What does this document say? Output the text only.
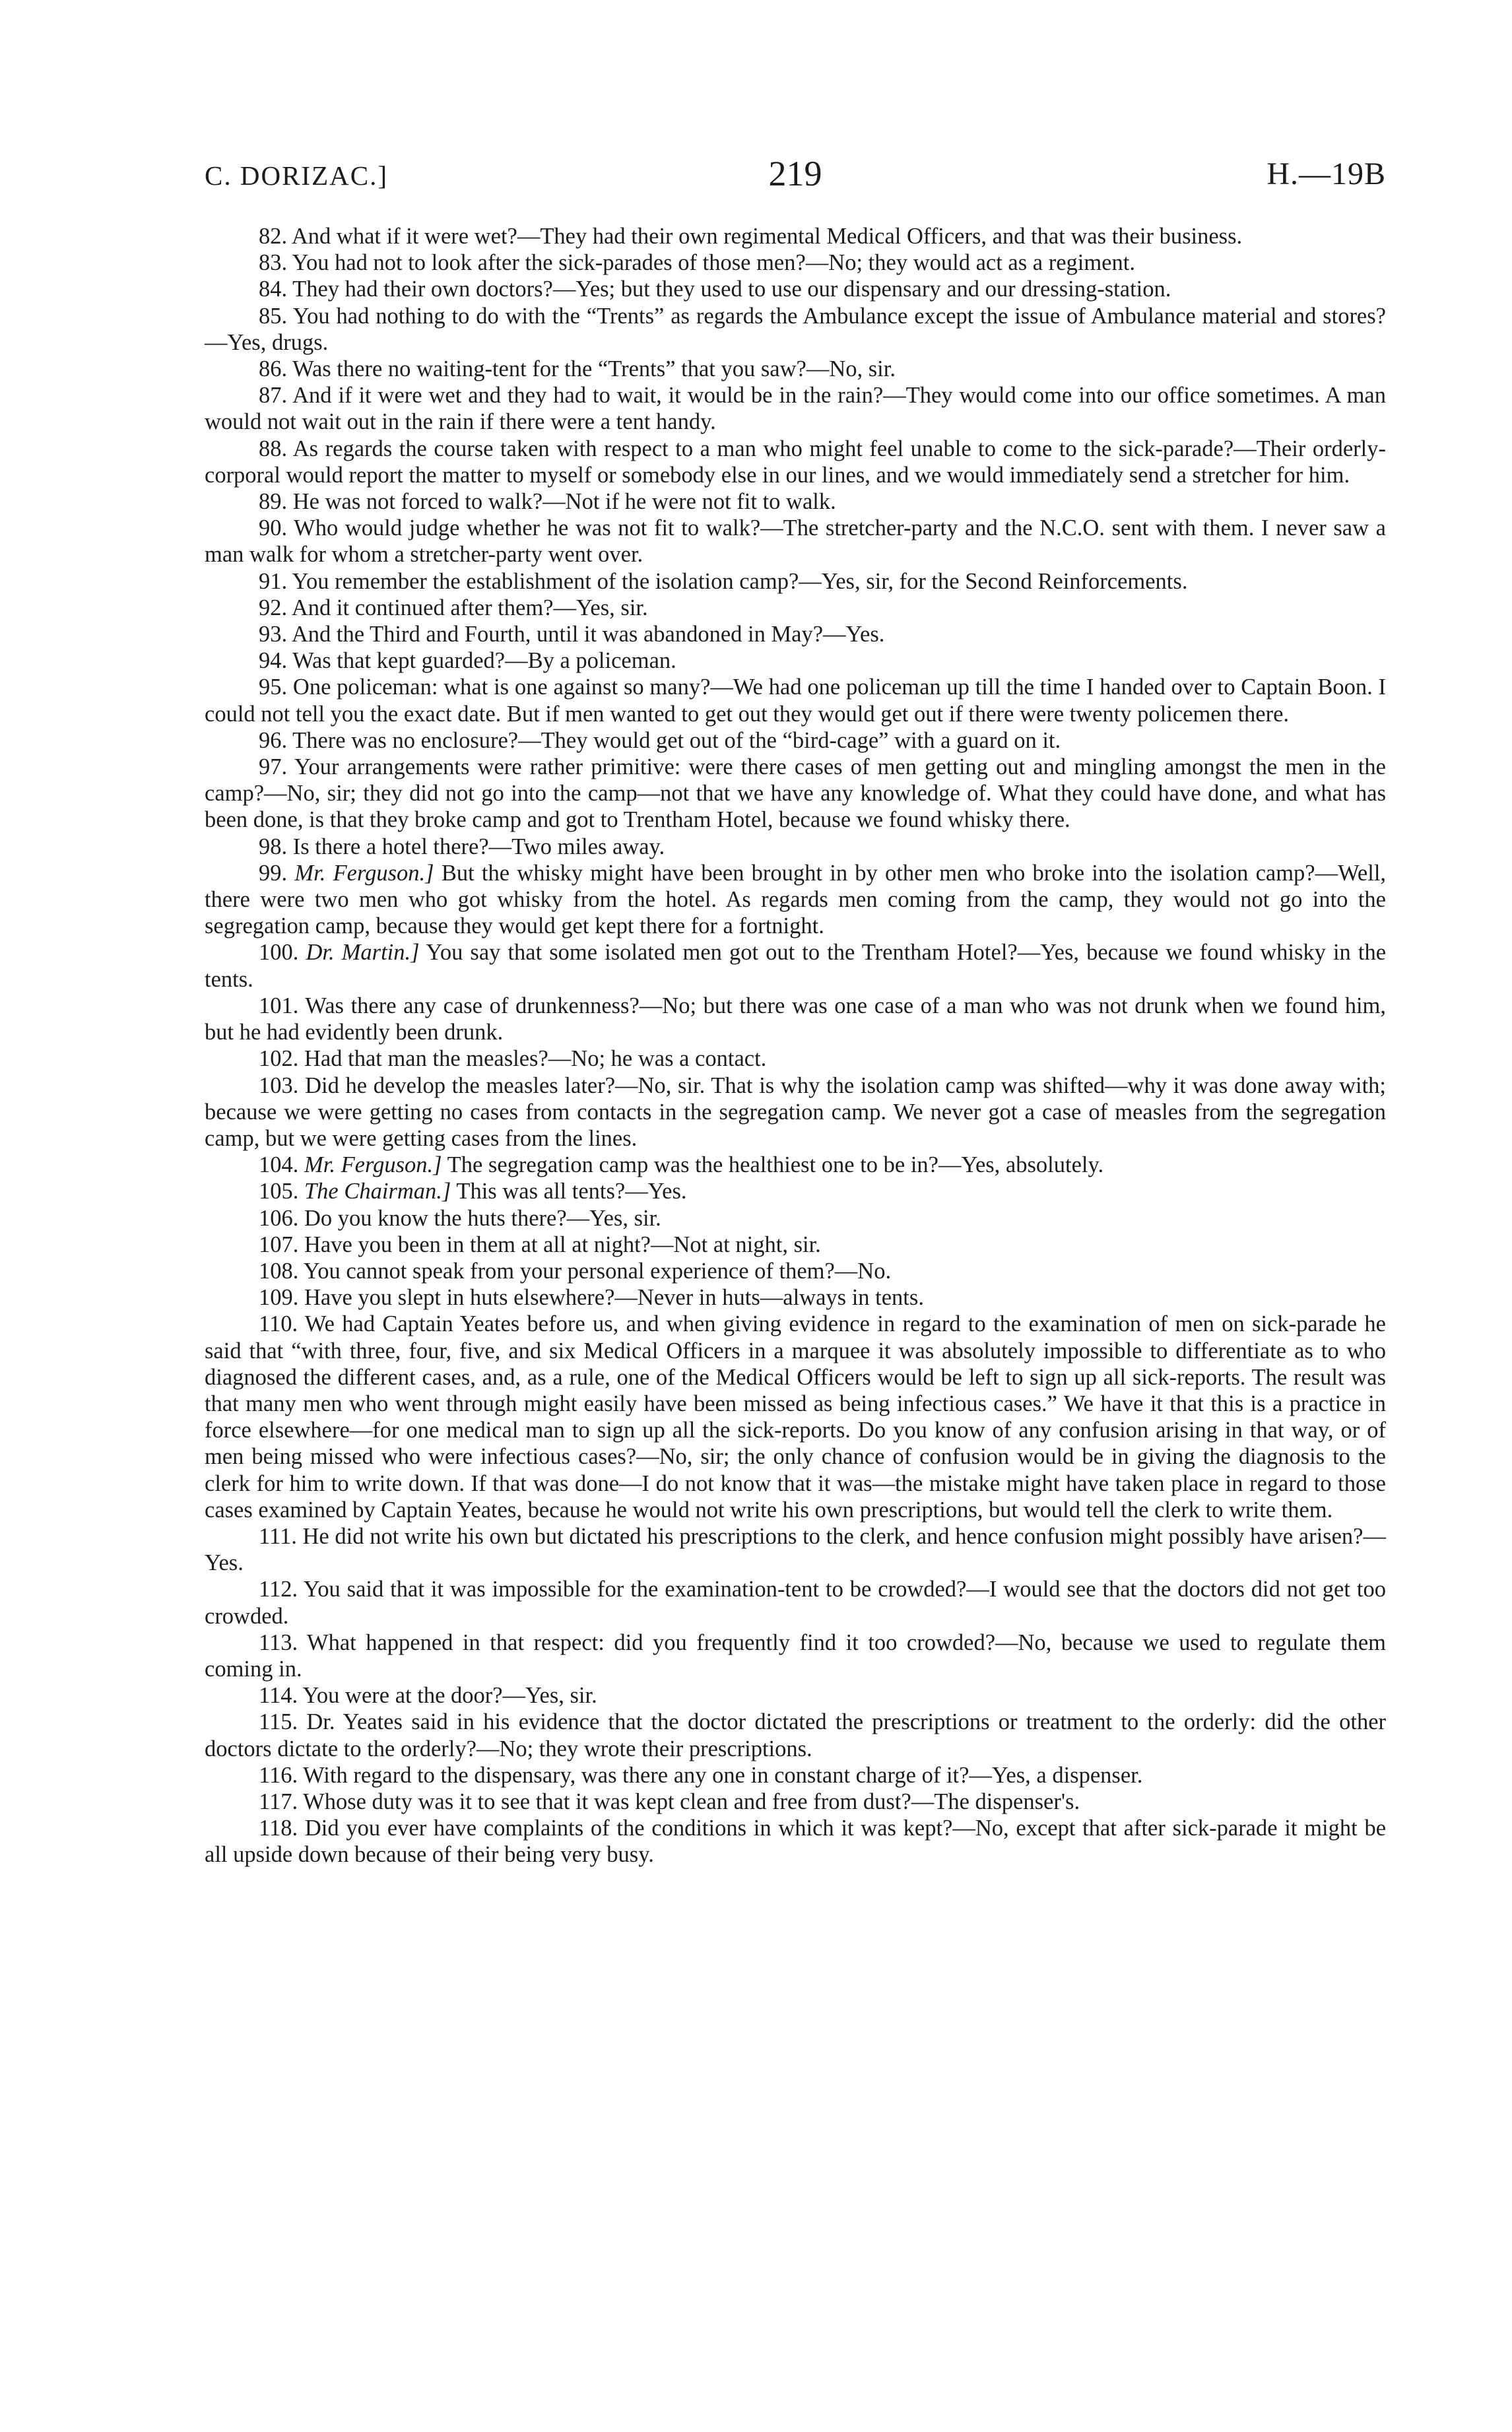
C. DORIZAC.]	219	H.—19B

82. And what if it were wet?—They had their own regimental Medical Officers, and that was their business.

83. You had not to look after the sick-parades of those men?—No; they would act as a regiment.

84. They had their own doctors?—Yes; but they used to use our dispensary and our dressing-station.

85. You had nothing to do with the “Trents” as regards the Ambulance except the issue of Ambulance material and stores?—Yes, drugs.

86. Was there no waiting-tent for the “Trents” that you saw?—No, sir.

87. And if it were wet and they had to wait, it would be in the rain?—They would come into our office sometimes. A man would not wait out in the rain if there were a tent handy.

88. As regards the course taken with respect to a man who might feel unable to come to the sick-parade?—Their orderly-corporal would report the matter to myself or somebody else in our lines, and we would immediately send a stretcher for him.

89. He was not forced to walk?—Not if he were not fit to walk.

90. Who would judge whether he was not fit to walk?—The stretcher-party and the N.C.O. sent with them. I never saw a man walk for whom a stretcher-party went over.

91. You remember the establishment of the isolation camp?—Yes, sir, for the Second Reinforcements.

92. And it continued after them?—Yes, sir.

93. And the Third and Fourth, until it was abandoned in May?—Yes.

94. Was that kept guarded?—By a policeman.

95. One policeman: what is one against so many?—We had one policeman up till the time I handed over to Captain Boon. I could not tell you the exact date. But if men wanted to get out they would get out if there were twenty policemen there.

96. There was no enclosure?—They would get out of the “bird-cage” with a guard on it.

97. Your arrangements were rather primitive: were there cases of men getting out and mingling amongst the men in the camp?—No, sir; they did not go into the camp—not that we have any knowledge of. What they could have done, and what has been done, is that they broke camp and got to Trentham Hotel, because we found whisky there.

98. Is there a hotel there?—Two miles away.

99. Mr. Ferguson.] But the whisky might have been brought in by other men who broke into the isolation camp?—Well, there were two men who got whisky from the hotel. As regards men coming from the camp, they would not go into the segregation camp, because they would get kept there for a fortnight.

100. Dr. Martin.] You say that some isolated men got out to the Trentham Hotel?—Yes, because we found whisky in the tents.

101. Was there any case of drunkenness?—No; but there was one case of a man who was not drunk when we found him, but he had evidently been drunk.

102. Had that man the measles?—No; he was a contact.

103. Did he develop the measles later?—No, sir. That is why the isolation camp was shifted—why it was done away with; because we were getting no cases from contacts in the segregation camp. We never got a case of measles from the segregation camp, but we were getting cases from the lines.

104. Mr. Ferguson.] The segregation camp was the healthiest one to be in?—Yes, absolutely.

105. The Chairman.] This was all tents?—Yes.

106. Do you know the huts there?—Yes, sir.

107. Have you been in them at all at night?—Not at night, sir.

108. You cannot speak from your personal experience of them?—No.

109. Have you slept in huts elsewhere?—Never in huts—always in tents.

110. We had Captain Yeates before us, and when giving evidence in regard to the examination of men on sick-parade he said that “with three, four, five, and six Medical Officers in a marquee it was absolutely impossible to differentiate as to who diagnosed the different cases, and, as a rule, one of the Medical Officers would be left to sign up all sick-reports. The result was that many men who went through might easily have been missed as being infectious cases.” We have it that this is a practice in force elsewhere—for one medical man to sign up all the sick-reports. Do you know of any confusion arising in that way, or of men being missed who were infectious cases?—No, sir; the only chance of confusion would be in giving the diagnosis to the clerk for him to write down. If that was done—I do not know that it was—the mistake might have taken place in regard to those cases examined by Captain Yeates, because he would not write his own prescriptions, but would tell the clerk to write them.

111. He did not write his own but dictated his prescriptions to the clerk, and hence confusion might possibly have arisen?—Yes.

112. You said that it was impossible for the examination-tent to be crowded?—I would see that the doctors did not get too crowded.

113. What happened in that respect: did you frequently find it too crowded?—No, because we used to regulate them coming in.

114. You were at the door?—Yes, sir.

115. Dr. Yeates said in his evidence that the doctor dictated the prescriptions or treatment to the orderly: did the other doctors dictate to the orderly?—No; they wrote their prescriptions.

116. With regard to the dispensary, was there any one in constant charge of it?—Yes, a dispenser.

117. Whose duty was it to see that it was kept clean and free from dust?—The dispenser's.

118. Did you ever have complaints of the conditions in which it was kept?—No, except that after sick-parade it might be all upside down because of their being very busy.
